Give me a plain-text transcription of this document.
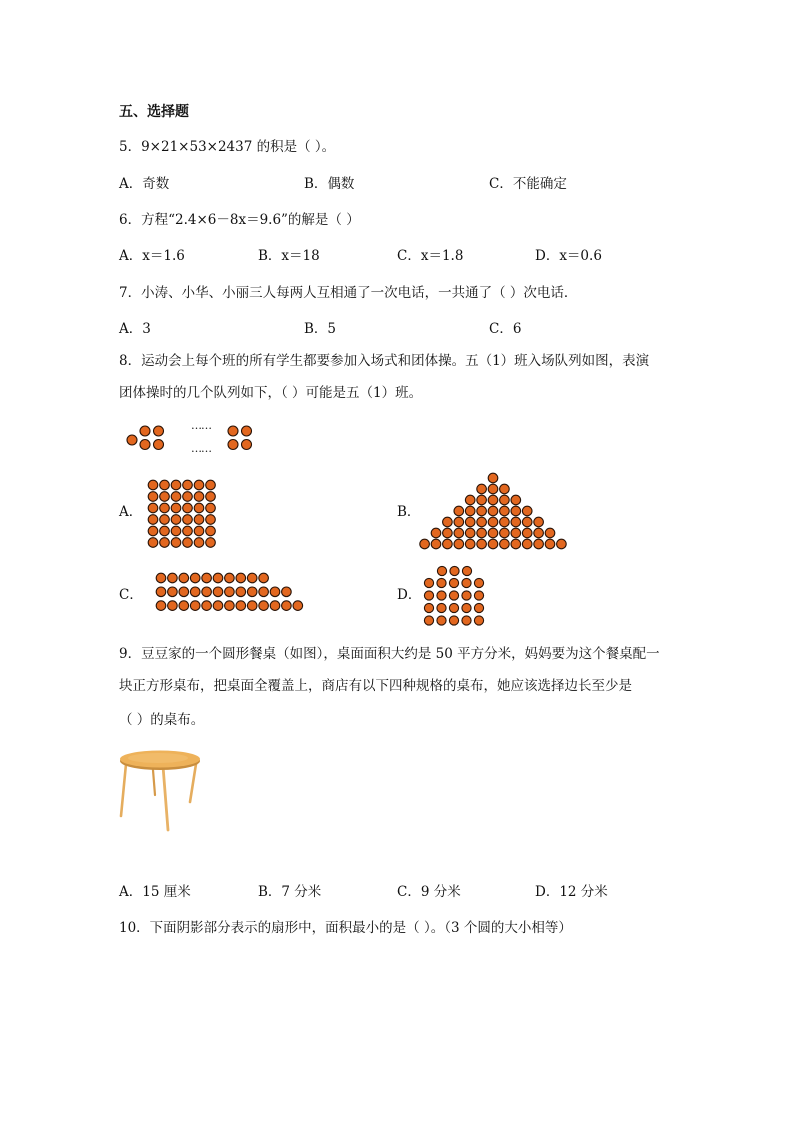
五、选择题
5．9×21×53×2437 的积是（ ）。
A．奇数	B．偶数	C．不能确定
6．方程“2.4×6－8x＝9.6”的解是（ ）
A．x＝1.6	B．x＝18	C．x＝1.8	D．x＝0.6
7．小涛、小华、小丽三人每两人互相通了一次电话，一共通了（ ）次电话．
A．3	B．5	C．6
8．运动会上每个班的所有学生都要参加入场式和团体操。五（1）班入场队列如图，表演
团体操时的几个队列如下，（ ）可能是五（1）班。
……
……
A．	B．
C．	D．
9．豆豆家的一个圆形餐桌（如图），桌面面积大约是 50 平方分米，妈妈要为这个餐桌配一
块正方形桌布，把桌面全覆盖上，商店有以下四种规格的桌布，她应该选择边长至少是
（ ）的桌布。
A．15 厘米	B．7 分米	C．9 分米	D．12 分米
10．下面阴影部分表示的扇形中，面积最小的是（ ）。（3 个圆的大小相等）
